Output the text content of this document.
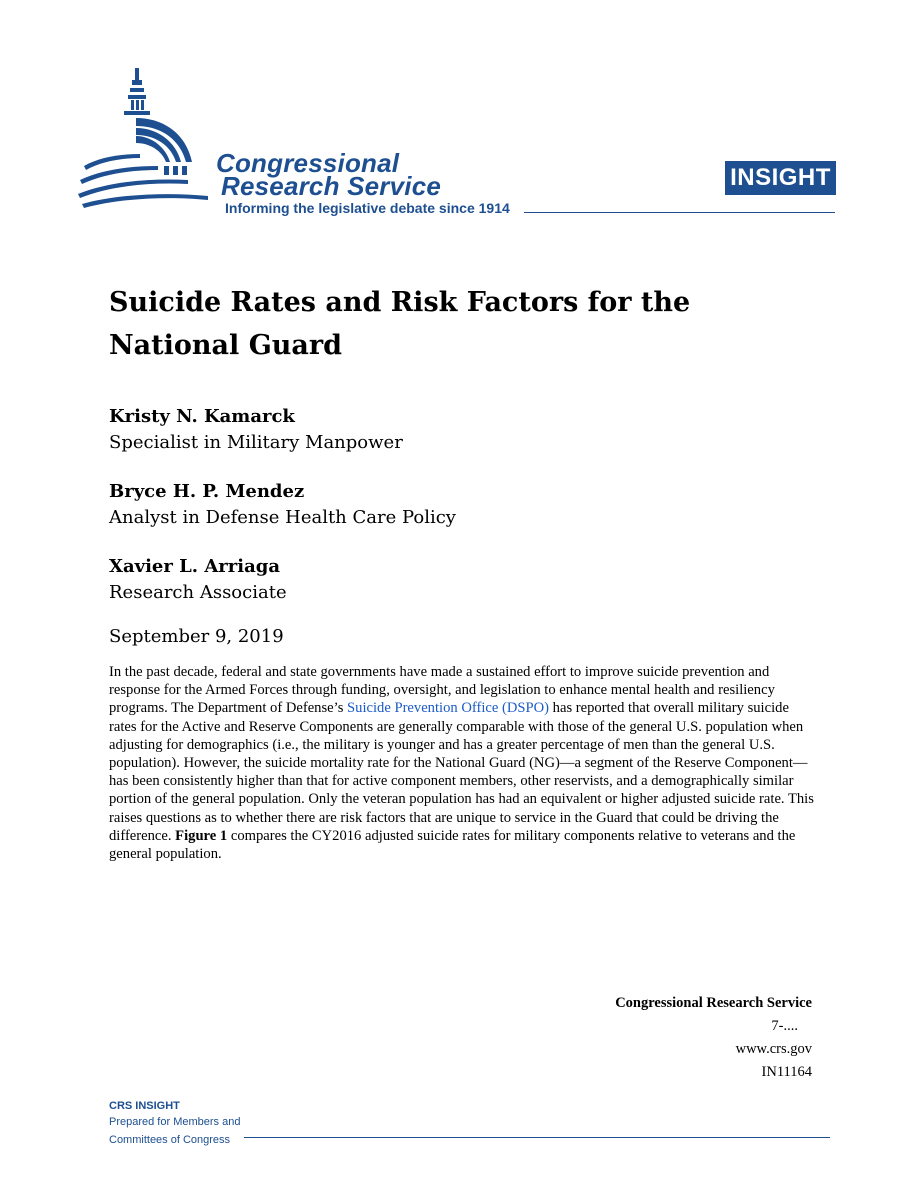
Congressional
Research Service
Informing the legislative debate since 1914
INSIGHT
Suicide Rates and Risk Factors for the National Guard
Kristy N. Kamarck
Specialist in Military Manpower
Bryce H. P. Mendez
Analyst in Defense Health Care Policy
Xavier L. Arriaga
Research Associate
September 9, 2019

In the past decade, federal and state governments have made a sustained effort to improve suicide prevention and response for the Armed Forces through funding, oversight, and legislation to enhance mental health and resiliency programs. The Department of Defense’s Suicide Prevention Office (DSPO) has reported that overall military suicide rates for the Active and Reserve Components are generally comparable with those of the general U.S. population when adjusting for demographics (i.e., the military is younger and has a greater percentage of men than the general U.S. population). However, the suicide mortality rate for the National Guard (NG)—a segment of the Reserve Component—has been consistently higher than that for active component members, other reservists, and a demographically similar portion of the general population. Only the veteran population has had an equivalent or higher adjusted suicide rate. This raises questions as to whether there are risk factors that are unique to service in the Guard that could be driving the difference. Figure 1 compares the CY2016 adjusted suicide rates for military components relative to veterans and the general population.

Congressional Research Service
7-....
www.crs.gov
IN11164
CRS INSIGHT
Prepared for Members and
Committees of Congress
